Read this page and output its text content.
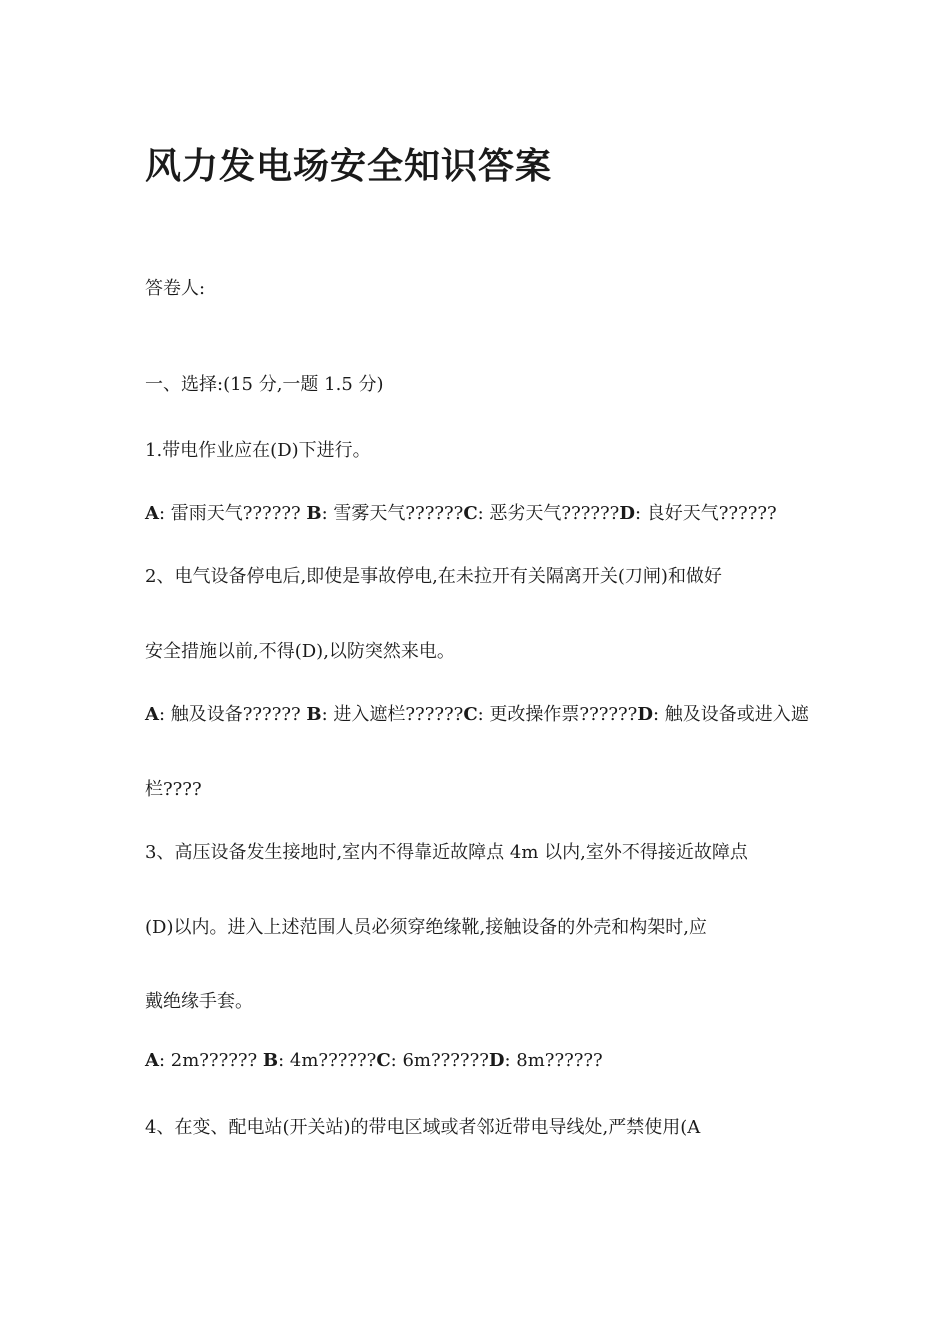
风力发电场安全知识答案
答卷人:
一、选择:(15 分,一题 1.5 分)
1.带电作业应在(D)下进行。
A: 雷雨天气?????? B: 雪雾天气??????C: 恶劣天气??????D: 良好天气??????
2、电气设备停电后,即使是事故停电,在未拉开有关隔离开关(刀闸)和做好
安全措施以前,不得(D),以防突然来电。
A: 触及设备?????? B: 进入遮栏??????C: 更改操作票??????D: 触及设备或进入遮
栏????
3、高压设备发生接地时,室内不得靠近故障点 4m 以内,室外不得接近故障点
(D)以内。进入上述范围人员必须穿绝缘靴,接触设备的外壳和构架时,应
戴绝缘手套。
A: 2m?????? B: 4m??????C: 6m??????D: 8m??????
4、在变、配电站(开关站)的带电区域或者邻近带电导线处,严禁使用(A
